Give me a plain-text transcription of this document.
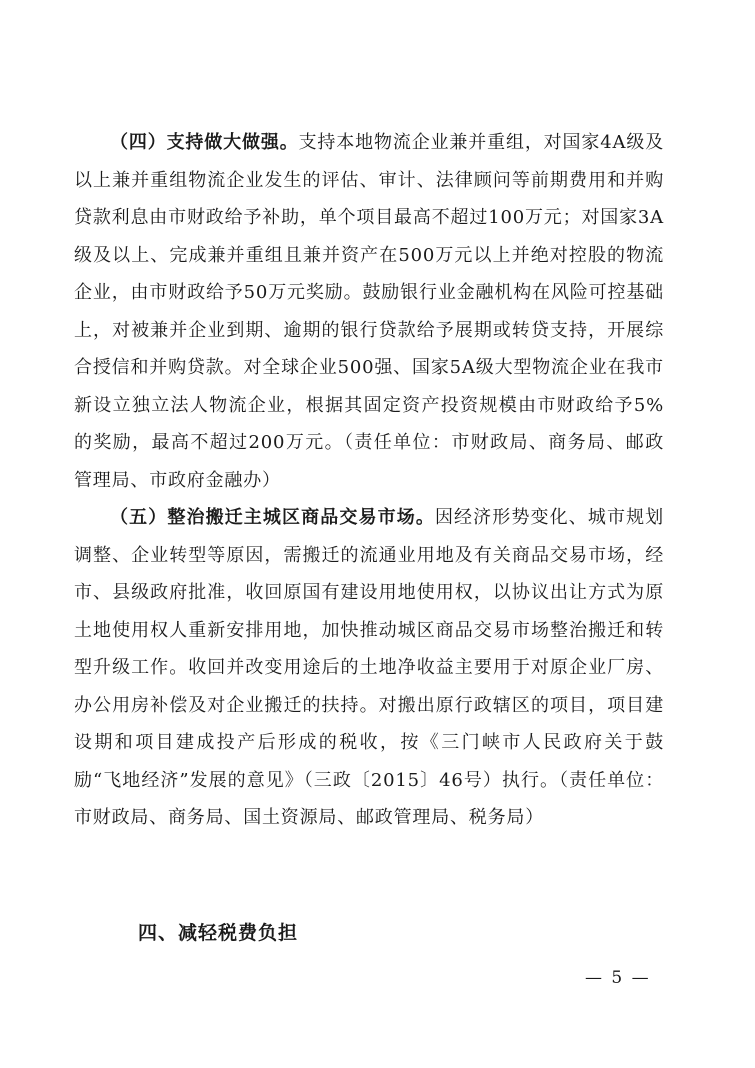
（四）支持做大做强。支持本地物流企业兼并重组，对国家4A级及以上兼并重组物流企业发生的评估、审计、法律顾问等前期费用和并购贷款利息由市财政给予补助，单个项目最高不超过100万元；对国家3A级及以上、完成兼并重组且兼并资产在500万元以上并绝对控股的物流企业，由市财政给予50万元奖励。鼓励银行业金融机构在风险可控基础上，对被兼并企业到期、逾期的银行贷款给予展期或转贷支持，开展综合授信和并购贷款。对全球企业500强、国家5A级大型物流企业在我市新设立独立法人物流企业，根据其固定资产投资规模由市财政给予5%的奖励，最高不超过200万元。（责任单位：市财政局、商务局、邮政管理局、市政府金融办）

（五）整治搬迁主城区商品交易市场。因经济形势变化、城市规划调整、企业转型等原因，需搬迁的流通业用地及有关商品交易市场，经市、县级政府批准，收回原国有建设用地使用权，以协议出让方式为原土地使用权人重新安排用地，加快推动城区商品交易市场整治搬迁和转型升级工作。收回并改变用途后的土地净收益主要用于对原企业厂房、办公用房补偿及对企业搬迁的扶持。对搬出原行政辖区的项目，项目建设期和项目建成投产后形成的税收，按《三门峡市人民政府关于鼓励“飞地经济”发展的意见》（三政〔2015〕46号）执行。（责任单位：市财政局、商务局、国土资源局、邮政管理局、税务局）

四、减轻税费负担
— 5 —
